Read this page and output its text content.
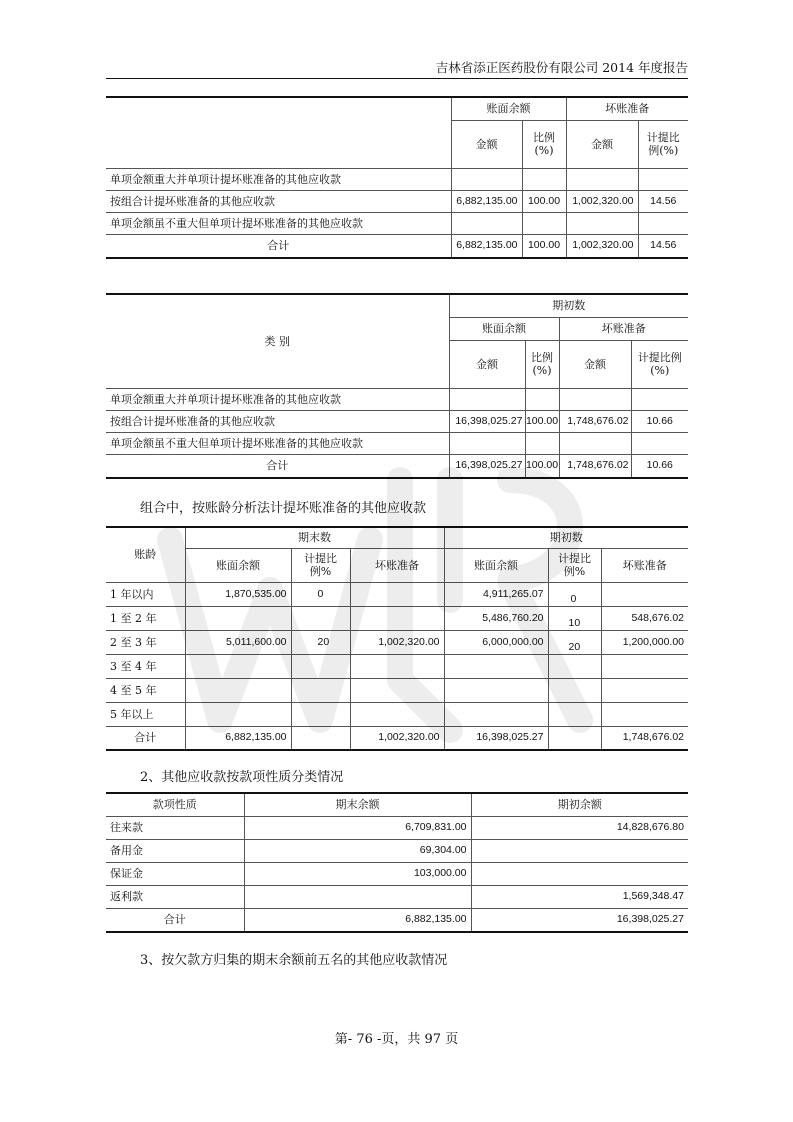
吉林省添正医药股份有限公司 2014 年度报告
	账面余额		坏账准备	
	金额	比例(%)	金额	计提比例(%)
单项金额重大并单项计提坏账准备的其他应收款				
按组合计提坏账准备的其他应收款	6,882,135.00	100.00	1,002,320.00	14.56
单项金额虽不重大但单项计提坏账准备的其他应收款				
合计	6,882,135.00	100.00	1,002,320.00	14.56
类 别	期初数			
	账面余额		坏账准备	
	金额	比例(%)	金额	计提比例(%)
单项金额重大并单项计提坏账准备的其他应收款				
按组合计提坏账准备的其他应收款	16,398,025.27	100.00	1,748,676.02	10.66
单项金额虽不重大但单项计提坏账准备的其他应收款				
合计	16,398,025.27	100.00	1,748,676.02	10.66
组合中，按账龄分析法计提坏账准备的其他应收款
账龄	期末数			期初数		
	账面余额	计提比例%	坏账准备	账面余额	计提比例%	坏账准备
1 年以内	1,870,535.00	0		4,911,265.07	0	
1 至 2 年				5,486,760.20	10	548,676.02
2 至 3 年	5,011,600.00	20	1,002,320.00	6,000,000.00	20	1,200,000.00
3 至 4 年						
4 至 5 年						
5 年以上						
合计	6,882,135.00		1,002,320.00	16,398,025.27		1,748,676.02
2、其他应收款按款项性质分类情况
款项性质	期末余额	期初余额
往来款	6,709,831.00	14,828,676.80
备用金	69,304.00	
保证金	103,000.00	
返利款		1,569,348.47
合计	6,882,135.00	16,398,025.27
3、按欠款方归集的期末余额前五名的其他应收款情况
第- 76 -页，共 97 页
